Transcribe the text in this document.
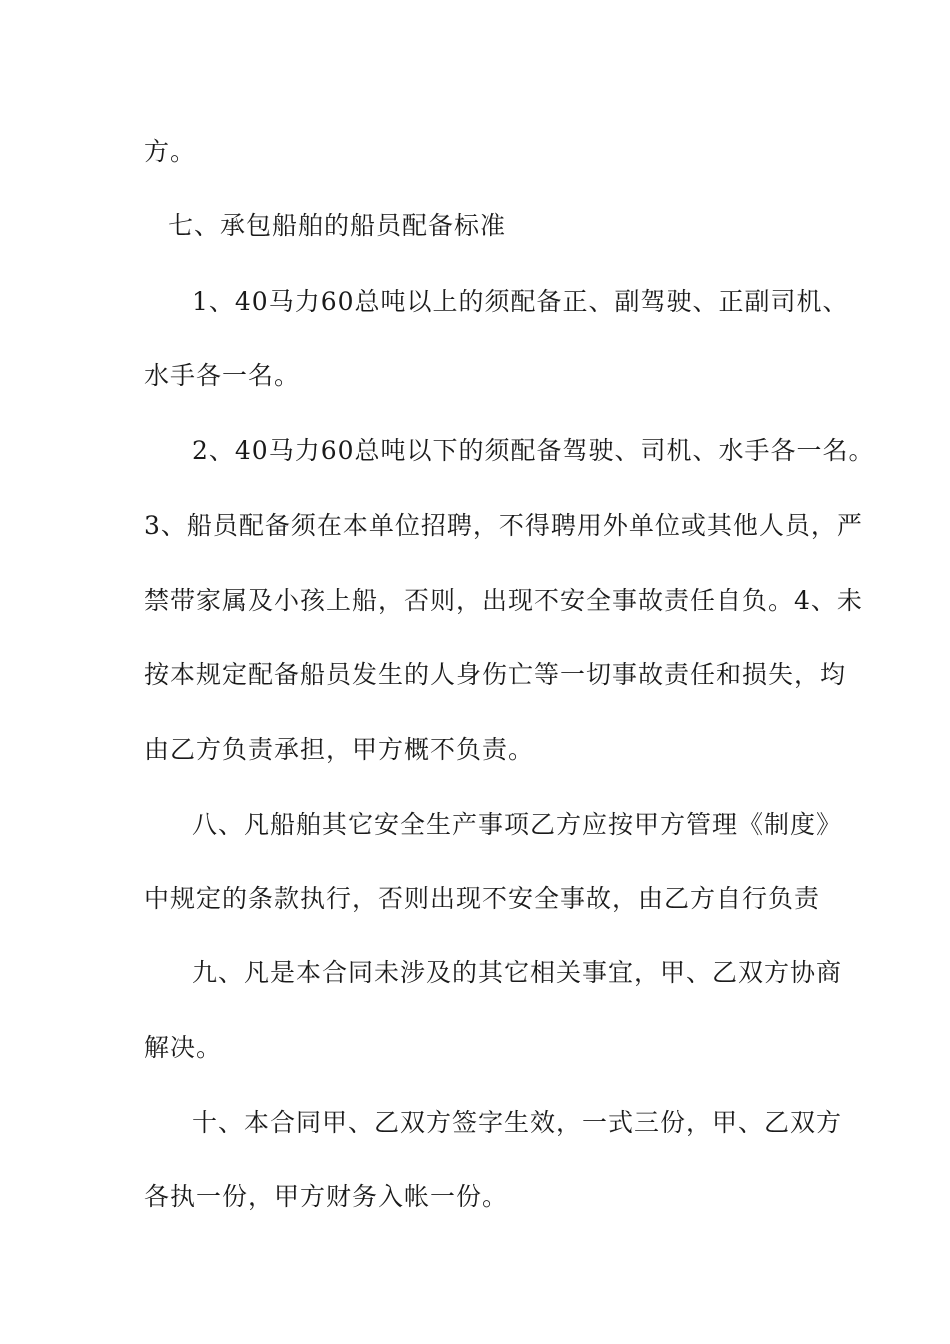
方。

七、承包船舶的船员配备标准

1、40马力60总吨以上的须配备正、副驾驶、正副司机、

水手各一名。

2、40马力60总吨以下的须配备驾驶、司机、水手各一名。

3、船员配备须在本单位招聘，不得聘用外单位或其他人员，严

禁带家属及小孩上船，否则，出现不安全事故责任自负。4、未

按本规定配备船员发生的人身伤亡等一切事故责任和损失，均

由乙方负责承担，甲方概不负责。

八、凡船舶其它安全生产事项乙方应按甲方管理《制度》

中规定的条款执行，否则出现不安全事故，由乙方自行负责

九、凡是本合同未涉及的其它相关事宜，甲、乙双方协商

解决。

十、本合同甲、乙双方签字生效，一式三份，甲、乙双方

各执一份，甲方财务入帐一份。
